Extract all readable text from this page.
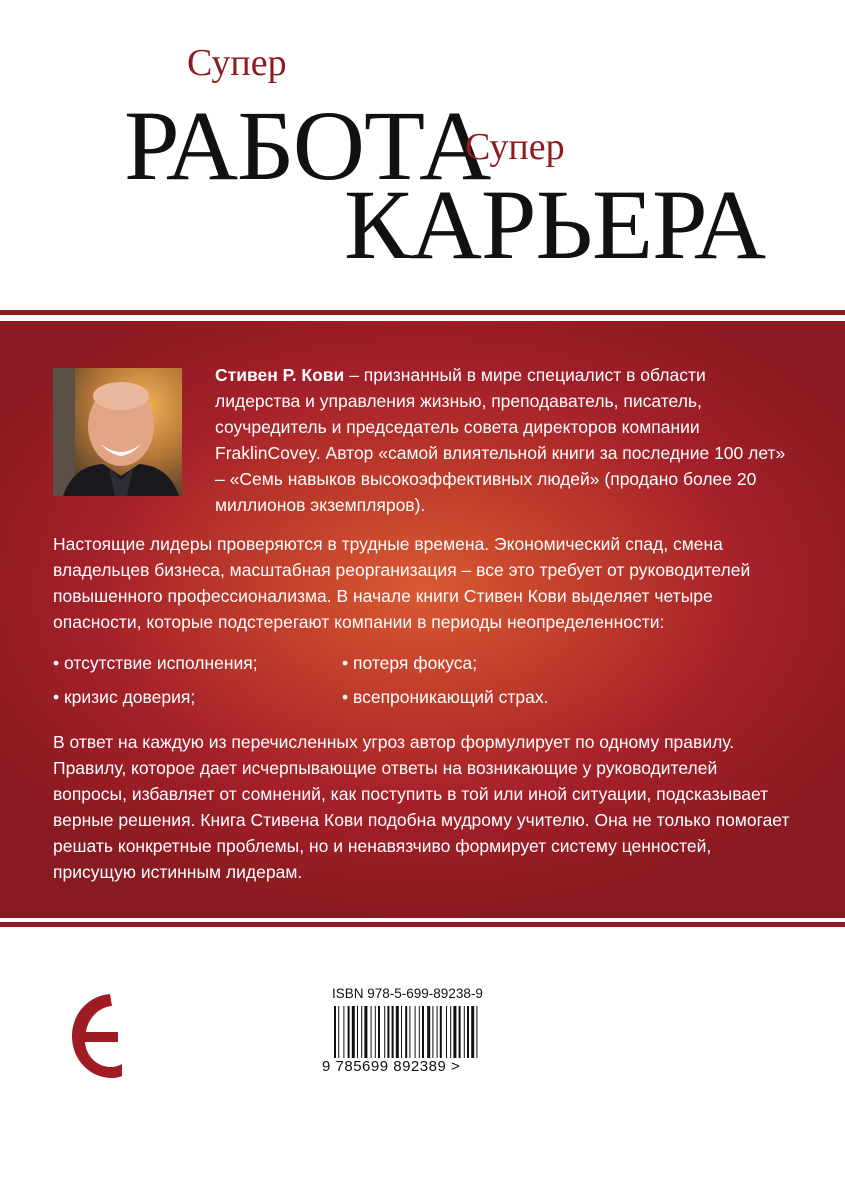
Супер
РАБОТА
Супер
КАРЬЕРА
Стивен Р. Кови – признанный в мире специалист в области лидерства и управления жизнью, преподаватель, писатель, соучредитель и председатель совета директоров компании FraklinCovey. Автор «самой влиятельной книги за последние 100 лет» – «Семь навыков высокоэффективных людей» (продано более 20 миллионов экземпляров).
Настоящие лидеры проверяются в трудные времена. Экономический спад, смена владельцев бизнеса, масштабная реорганизация – все это требует от руководителей повышенного профессионализма. В начале книги Стивен Кови выделяет четыре опасности, которые подстерегают компании в периоды неопределенности:
• отсутствие исполнения;	• потеря фокуса;
• кризис доверия;	• всепроникающий страх.
В ответ на каждую из перечисленных угроз автор формулирует по одному правилу. Правилу, которое дает исчерпывающие ответы на возникающие у руководителей вопросы, избавляет от сомнений, как поступить в той или иной ситуации, подсказывает верные решения. Книга Стивена Кови подобна мудрому учителю. Она не только помогает решать конкретные проблемы, но и ненавязчиво формирует систему ценностей, присущую истинным лидерам.
ISBN 978-5-699-89238-9
9 785699 892389 >
